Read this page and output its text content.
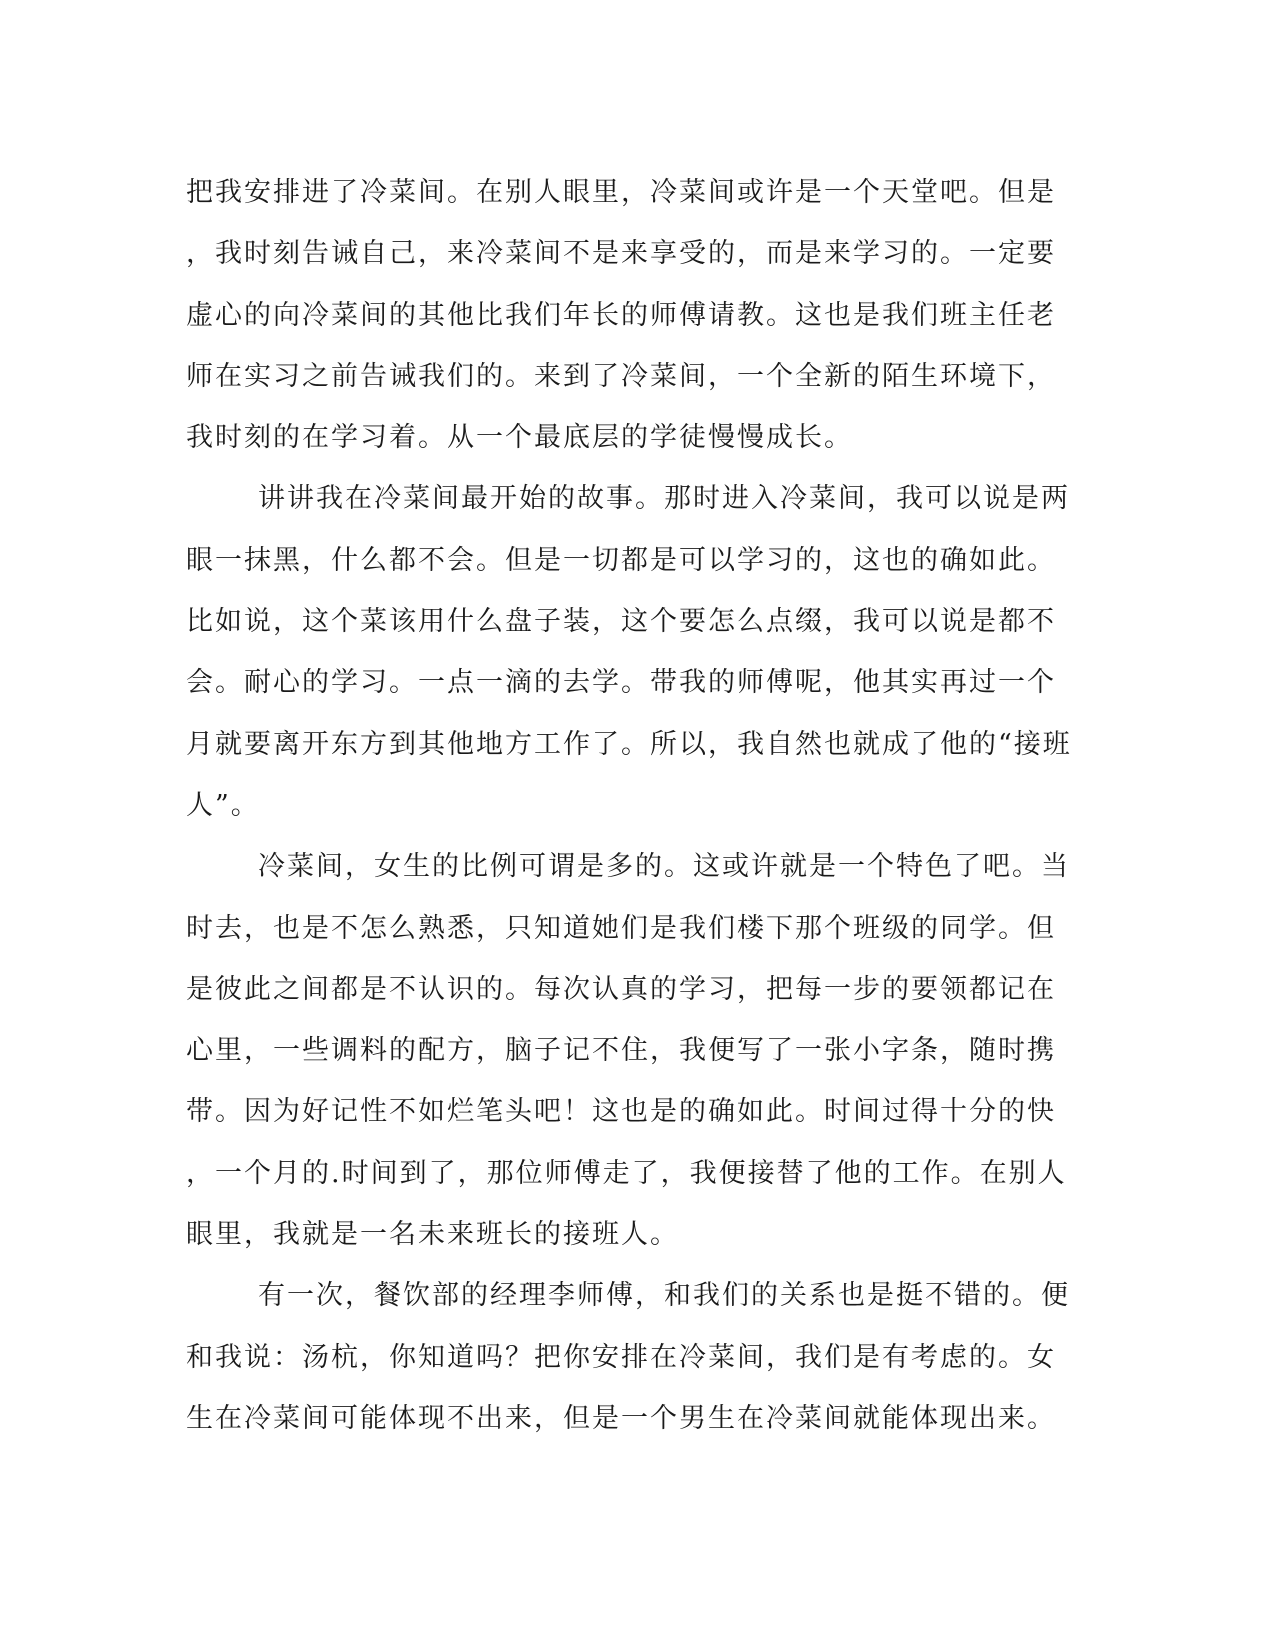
把我安排进了冷菜间。在别人眼里，冷菜间或许是一个天堂吧。但是
，我时刻告诫自己，来冷菜间不是来享受的，而是来学习的。一定要
虚心的向冷菜间的其他比我们年长的师傅请教。这也是我们班主任老
师在实习之前告诫我们的。来到了冷菜间，一个全新的陌生环境下，
我时刻的在学习着。从一个最底层的学徒慢慢成长。
讲讲我在冷菜间最开始的故事。那时进入冷菜间，我可以说是两
眼一抹黑，什么都不会。但是一切都是可以学习的，这也的确如此。
比如说，这个菜该用什么盘子装，这个要怎么点缀，我可以说是都不
会。耐心的学习。一点一滴的去学。带我的师傅呢，他其实再过一个
月就要离开东方到其他地方工作了。所以，我自然也就成了他的“接班
人”。
冷菜间，女生的比例可谓是多的。这或许就是一个特色了吧。当
时去，也是不怎么熟悉，只知道她们是我们楼下那个班级的同学。但
是彼此之间都是不认识的。每次认真的学习，把每一步的要领都记在
心里，一些调料的配方，脑子记不住，我便写了一张小字条，随时携
带。因为好记性不如烂笔头吧！这也是的确如此。时间过得十分的快
，一个月的.时间到了，那位师傅走了，我便接替了他的工作。在别人
眼里，我就是一名未来班长的接班人。
有一次，餐饮部的经理李师傅，和我们的关系也是挺不错的。便
和我说：汤杭，你知道吗？把你安排在冷菜间，我们是有考虑的。女
生在冷菜间可能体现不出来，但是一个男生在冷菜间就能体现出来。
